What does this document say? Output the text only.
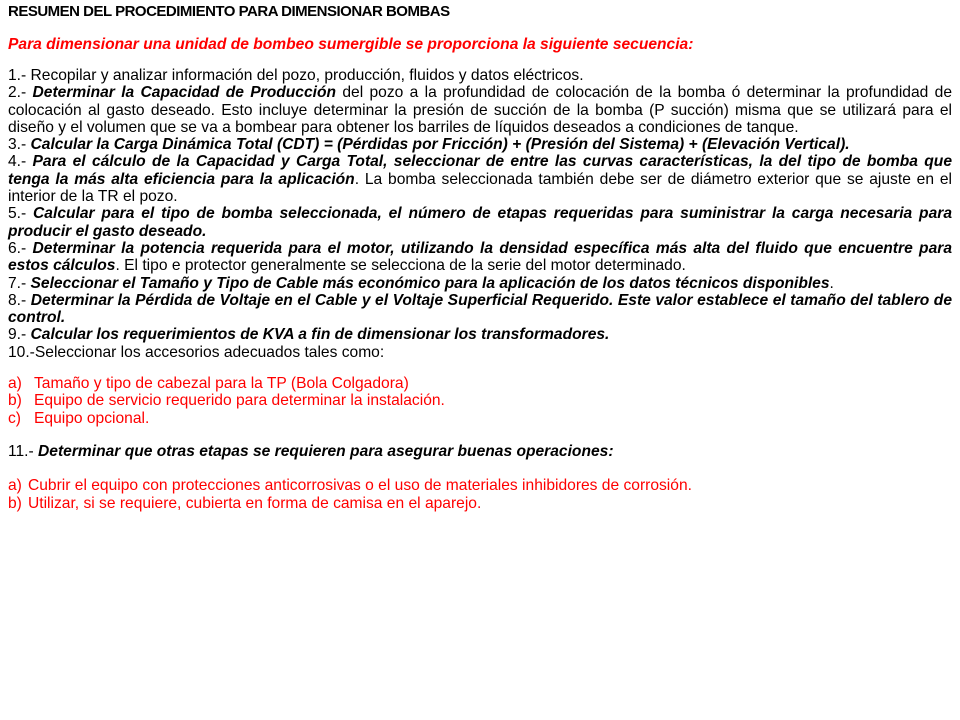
RESUMEN DEL PROCEDIMIENTO PARA DIMENSIONAR BOMBAS

Para dimensionar una unidad de bombeo sumergible se proporciona la siguiente secuencia:

1.- Recopilar y analizar información del pozo, producción, fluidos y datos eléctricos.

2.- Determinar la Capacidad de Producción del pozo a la profundidad de colocación de la bomba ó determinar la profundidad de colocación al gasto deseado. Esto incluye determinar la presión de succión de la bomba (P succión) misma que se utilizará para el diseño y el volumen que se va a bombear para obtener los barriles de líquidos deseados a condiciones de tanque.

3.- Calcular la Carga Dinámica Total (CDT) = (Pérdidas por Fricción) + (Presión del Sistema) + (Elevación Vertical).

4.- Para el cálculo de la Capacidad y Carga Total, seleccionar de entre las curvas características, la del tipo de bomba que tenga la más alta eficiencia para la aplicación. La bomba seleccionada también debe ser de diámetro exterior que se ajuste en el interior de la TR el pozo.

5.- Calcular para el tipo de bomba seleccionada, el número de etapas requeridas para suministrar la carga necesaria para producir el gasto deseado.

6.- Determinar la potencia requerida para el motor, utilizando la densidad específica más alta del fluido que encuentre para estos cálculos. El tipo e protector generalmente se selecciona de la serie del motor determinado.

7.- Seleccionar el Tamaño y Tipo de Cable más económico para la aplicación de los datos técnicos disponibles.

8.- Determinar la Pérdida de Voltaje en el Cable y el Voltaje Superficial Requerido. Este valor establece el tamaño del tablero de control.

9.- Calcular los requerimientos de KVA a fin de dimensionar los transformadores.

10.-Seleccionar los accesorios adecuados tales como:

a) Tamaño y tipo de cabezal para la TP (Bola Colgadora)

b) Equipo de servicio requerido para determinar la instalación.

c) Equipo opcional.

11.- Determinar que otras etapas se requieren para asegurar buenas operaciones:

a) Cubrir el equipo con protecciones anticorrosivas o el uso de materiales inhibidores de corrosión.

b) Utilizar, si se requiere, cubierta en forma de camisa en el aparejo.
